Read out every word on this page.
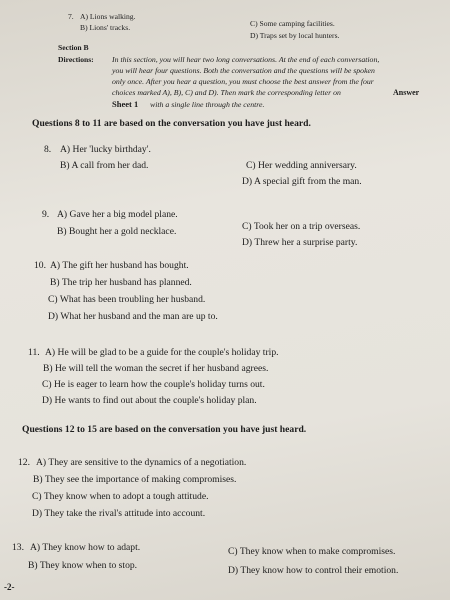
7. A) Lions walking.
B) Lions' tracks.	C) Some camping facilities.
D) Traps set by local hunters.
Section B
Directions: In this section, you will hear two long conversations. At the end of each conversation,
you will hear four questions. Both the conversation and the questions will be spoken
only once. After you hear a question, you must choose the best answer from the four
choices marked A), B), C) and D). Then mark the corresponding letter on	Answer
Sheet 1 with a single line through the centre.
Questions 8 to 11 are based on the conversation you have just heard.
8. A) Her 'lucky birthday'.
B) A call from her dad.	C) Her wedding anniversary.
D) A special gift from the man.
9. A) Gave her a big model plane.
B) Bought her a gold necklace.	C) Took her on a trip overseas.
D) Threw her a surprise party.
10. A) The gift her husband has bought.
B) The trip her husband has planned.
C) What has been troubling her husband.
D) What her husband and the man are up to.
11. A) He will be glad to be a guide for the couple's holiday trip.
B) He will tell the woman the secret if her husband agrees.
C) He is eager to learn how the couple's holiday turns out.
D) He wants to find out about the couple's holiday plan.
Questions 12 to 15 are based on the conversation you have just heard.
12. A) They are sensitive to the dynamics of a negotiation.
B) They see the importance of making compromises.
C) They know when to adopt a tough attitude.
D) They take the rival's attitude into account.
13. A) They know how to adapt.
B) They know when to stop.
C) They know when to make compromises.
D) They know how to control their emotion.
-2-
